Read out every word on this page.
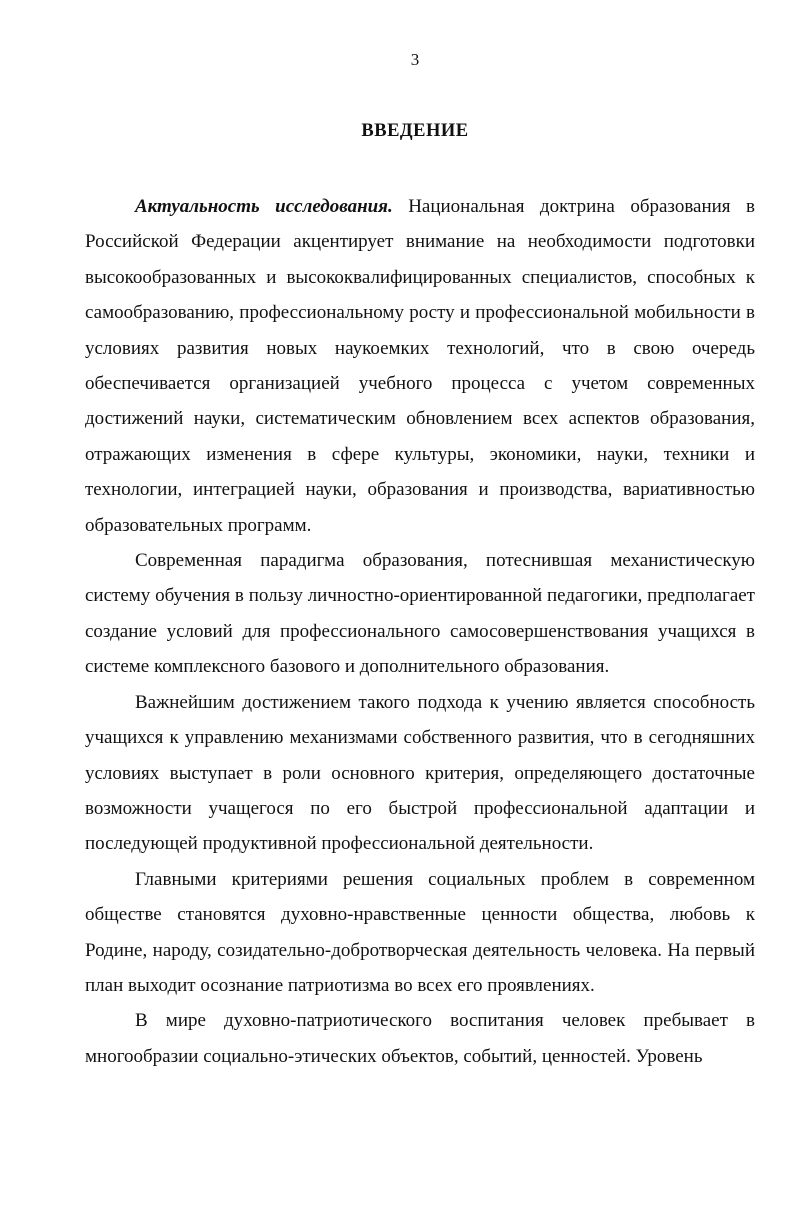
3
ВВЕДЕНИЕ

Актуальность исследования. Национальная доктрина образования в Российской Федерации акцентирует внимание на необходимости подготовки высокообразованных и высококвалифицированных специалистов, способных к самообразованию, профессиональному росту и профессиональной мобильности в условиях развития новых наукоемких технологий, что в свою очередь обеспечивается организацией учебного процесса с учетом современных достижений науки, систематическим обновлением всех аспектов образования, отражающих изменения в сфере культуры, экономики, науки, техники и технологии, интеграцией науки, образования и производства, вариативностью образовательных программ.

Современная парадигма образования, потеснившая механистическую систему обучения в пользу личностно-ориентированной педагогики, предполагает создание условий для профессионального самосовершенствования учащихся в системе комплексного базового и дополнительного образования.

Важнейшим достижением такого подхода к учению является способность учащихся к управлению механизмами собственного развития, что в сегодняшних условиях выступает в роли основного критерия, определяющего достаточные возможности учащегося по его быстрой профессиональной адаптации и последующей продуктивной профессиональной деятельности.

Главными критериями решения социальных проблем в современном обществе становятся духовно-нравственные ценности общества, любовь к Родине, народу, созидательно-добротворческая деятельность человека. На первый план выходит осознание патриотизма во всех его проявлениях.

В мире духовно-патриотического воспитания человек пребывает в многообразии социально-этических объектов, событий, ценностей. Уровень
